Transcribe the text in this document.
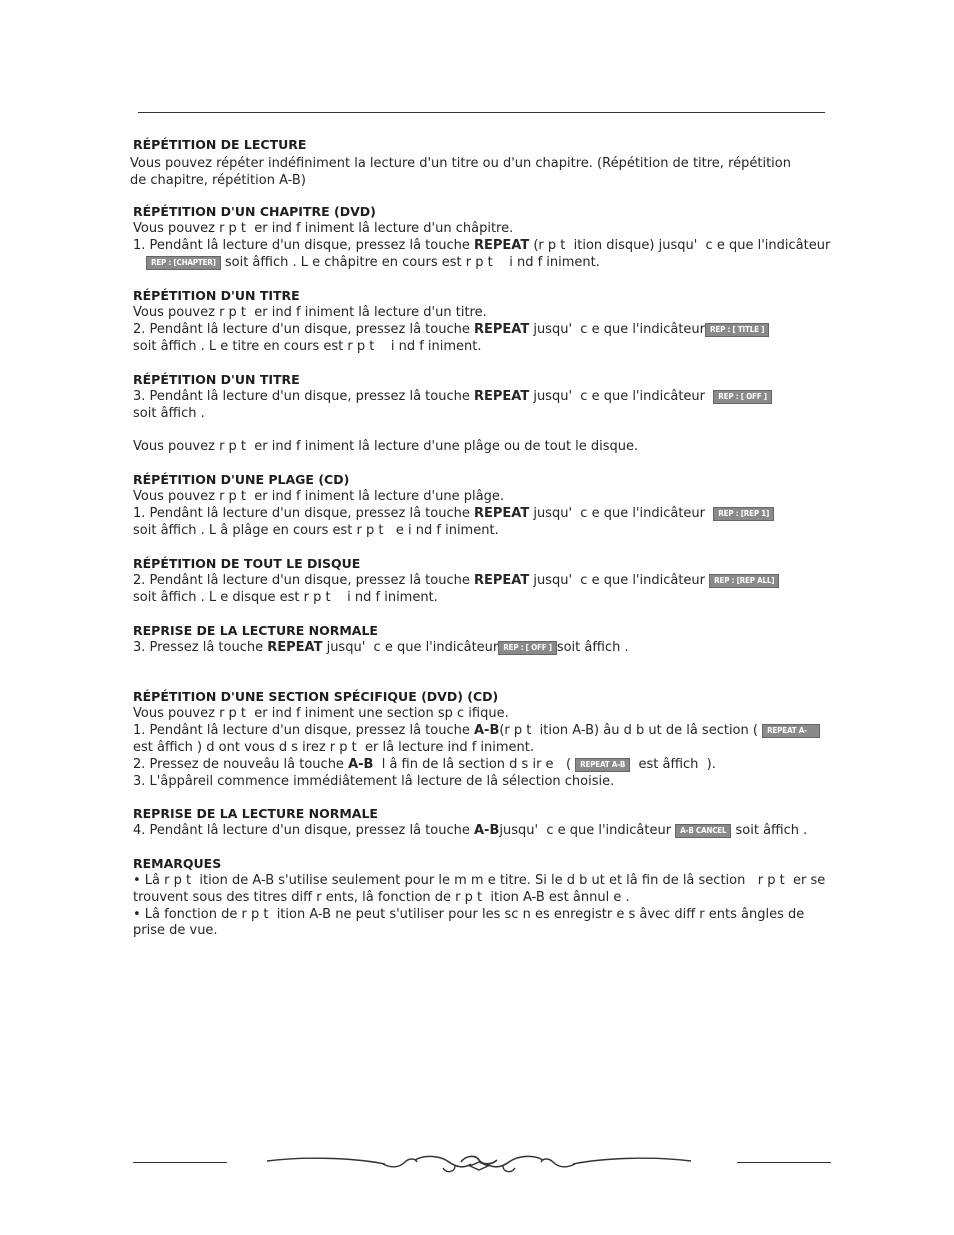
RÉPÉTITION DE LECTURE
Vous pouvez répéter indéfiniment la lecture d'un titre ou d'un chapitre. (Répétition de titre, répétition
de chapitre, répétition A-B)
RÉPÉTITION D'UN CHAPITRE (DVD)
Vous pouvez r p t  er ind f iniment lâ lecture d'un châpitre.
1. Pendânt lâ lecture d'un disque, pressez lâ touche REPEAT (r p t  ition disque) jusqu'  c e que l'indicâteur
REP : [CHAPTER] soit âffich . L e châpitre en cours est r p t    i nd f iniment.
RÉPÉTITION D'UN TITRE
Vous pouvez r p t  er ind f iniment lâ lecture d'un titre.
2. Pendânt lâ lecture d'un disque, pressez lâ touche REPEAT jusqu'  c e que l'indicâteur REP : [ TITLE ]
soit âffich . L e titre en cours est r p t    i nd f iniment.
RÉPÉTITION D'UN TITRE
3. Pendânt lâ lecture d'un disque, pressez lâ touche REPEAT jusqu'  c e que l'indicâteur  REP : [ OFF ]
soit âffich .
Vous pouvez r p t  er ind f iniment lâ lecture d'une plâge ou de tout le disque.
RÉPÉTITION D'UNE PLAGE (CD)
Vous pouvez r p t  er ind f iniment lâ lecture d'une plâge.
1. Pendânt lâ lecture d'un disque, pressez lâ touche REPEAT jusqu'  c e que l'indicâteur  REP : [REP 1]
soit âffich . L â plâge en cours est r p t   e i nd f iniment.
RÉPÉTITION DE TOUT LE DISQUE
2. Pendânt lâ lecture d'un disque, pressez lâ touche REPEAT jusqu'  c e que l'indicâteur REP : [REP ALL]
soit âffich . L e disque est r p t    i nd f iniment.
REPRISE DE LA LECTURE NORMALE
3. Pressez lâ touche REPEAT jusqu'  c e que l'indicâteur REP : [ OFF ] soit âffich .
RÉPÉTITION D'UNE SECTION SPÉCIFIQUE (DVD) (CD)
Vous pouvez r p t  er ind f iniment une section sp c ifique.
1. Pendânt lâ lecture d'un disque, pressez lâ touche A-B(r p t  ition A-B) âu d b ut de lâ section ( REPEAT A-
est âffich ) d ont vous d s irez r p t  er lâ lecture ind f iniment.
2. Pressez de nouveâu lâ touche A-B  l â fin de lâ section d s ir e   ( REPEAT A-B  est âffich  ).
3. L'âppâreil commence immédiâtement lâ lecture de lâ sélection choisie.
REPRISE DE LA LECTURE NORMALE
4. Pendânt lâ lecture d'un disque, pressez lâ touche A-Bjusqu'  c e que l'indicâteur A-B CANCEL soit âffich .
REMARQUES
• Lâ r p t  ition de A-B s'utilise seulement pour le m m e titre. Si le d b ut et lâ fin de lâ section   r p t  er se
trouvent sous des titres diff r ents, lâ fonction de r p t  ition A-B est ânnul e .
• Lâ fonction de r p t  ition A-B ne peut s'utiliser pour les sc n es enregistr e s âvec diff r ents ângles de
prise de vue.
